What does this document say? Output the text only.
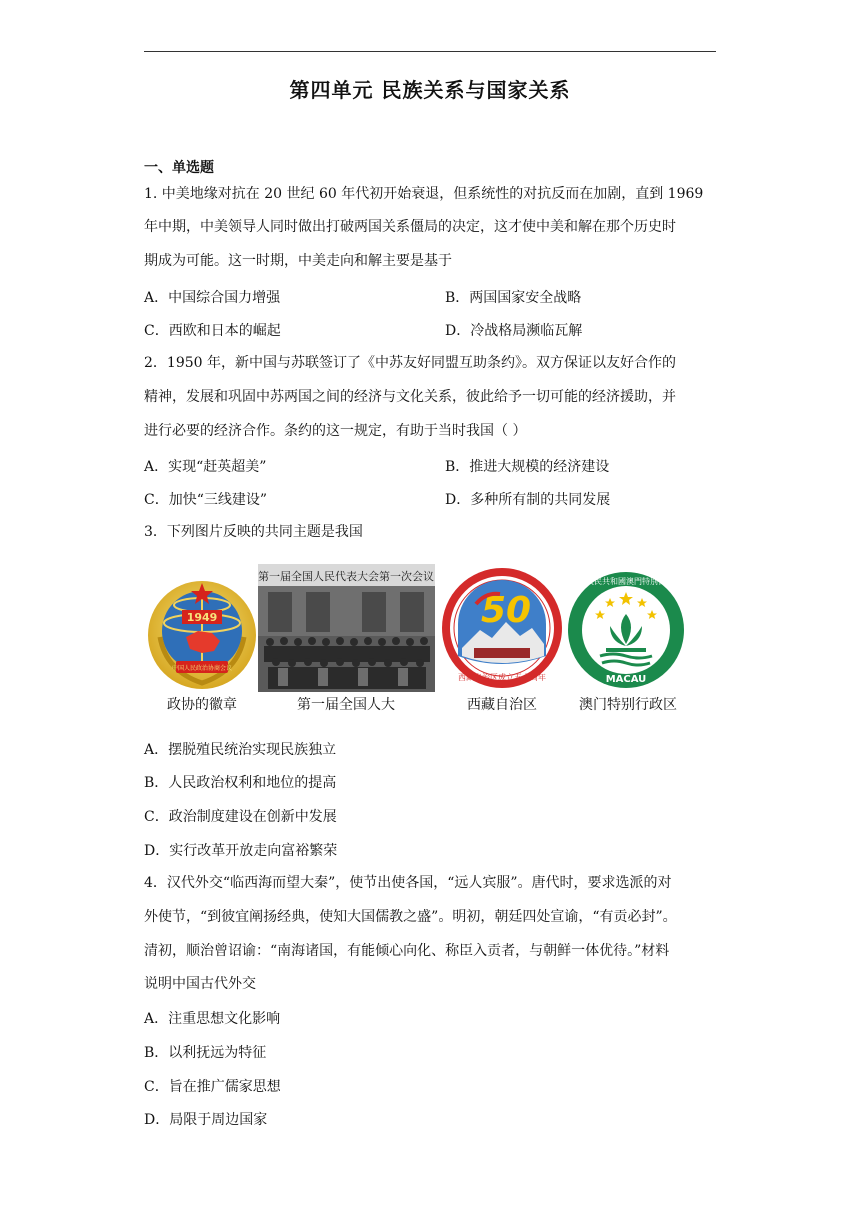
第四单元 民族关系与国家关系
一、单选题
1. 中美地缘对抗在 20 世纪 60 年代初开始衰退，但系统性的对抗反而在加剧，直到 1969
年中期，中美领导人同时做出打破两国关系僵局的决定，这才使中美和解在那个历史时
期成为可能。这一时期，中美走向和解主要是基于
A．中国综合国力增强	B．两国国家安全战略
C．西欧和日本的崛起	D．冷战格局濒临瓦解
2．1950 年，新中国与苏联签订了《中苏友好同盟互助条约》。双方保证以友好合作的
精神，发展和巩固中苏两国之间的经济与文化关系，彼此给予一切可能的经济援助，并
进行必要的经济合作。条约的这一规定，有助于当时我国（ ）
A．实现“赶英超美”	B．推进大规模的经济建设
C．加快“三线建设”	D．多种所有制的共同发展
3．下列图片反映的共同主题是我国
1949
中国人民政治协商会议
政协的徽章
第一届全国人民代表大会第一次会议
第一届全国人大
50
西藏自治区成立五十周年
西藏自治区
中華人民共和國澳門特別行政區
MACAU
澳门特别行政区
A．摆脱殖民统治实现民族独立
B．人民政治权利和地位的提高
C．政治制度建设在创新中发展
D．实行改革开放走向富裕繁荣
4．汉代外交“临西海而望大秦”，使节出使各国，“远人宾服”。唐代时，要求选派的对
外使节，“到彼宜阐扬经典，使知大国儒教之盛”。明初，朝廷四处宣谕，“有贡必封”。
清初，顺治曾诏谕：“南海诸国，有能倾心向化、称臣入贡者，与朝鲜一体优待。”材料
说明中国古代外交
A．注重思想文化影响
B．以利抚远为特征
C．旨在推广儒家思想
D．局限于周边国家
